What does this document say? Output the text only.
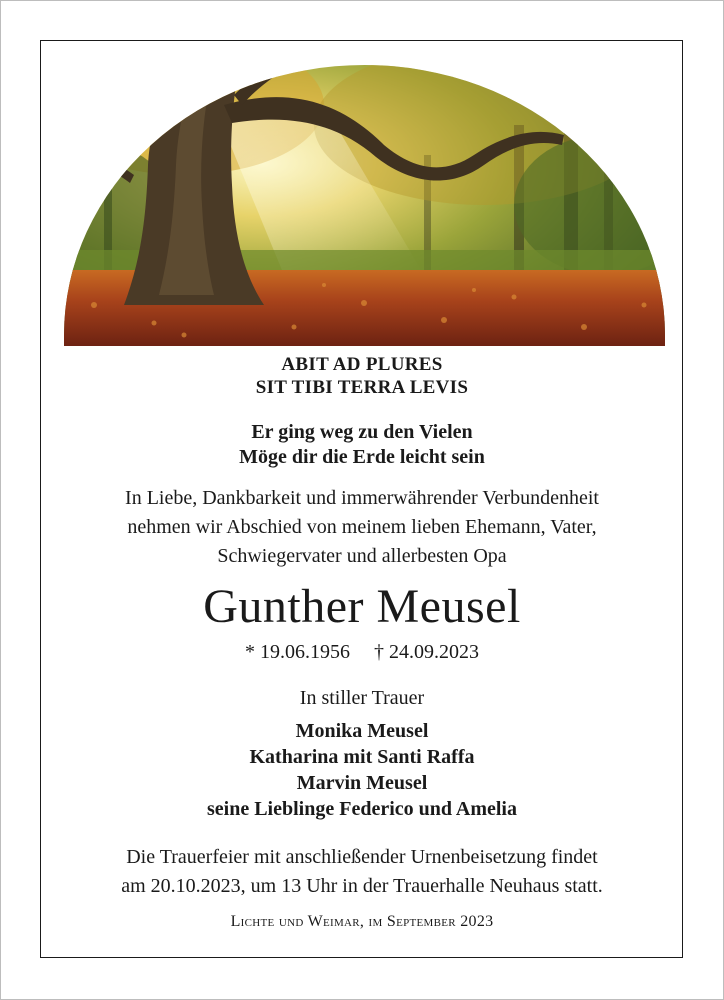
ABIT AD PLURES
SIT TIBI TERRA LEVIS
Er ging weg zu den Vielen
Möge dir die Erde leicht sein
In Liebe, Dankbarkeit und immerwährender Verbundenheit
nehmen wir Abschied von meinem lieben Ehemann, Vater,
Schwiegervater und allerbesten Opa
Gunther Meusel
* 19.06.1956 † 24.09.2023
In stiller Trauer
Monika Meusel
Katharina mit Santi Raffa
Marvin Meusel
seine Lieblinge Federico und Amelia
Die Trauerfeier mit anschließender Urnenbeisetzung findet
am 20.10.2023, um 13 Uhr in der Trauerhalle Neuhaus statt.
Lichte und Weimar, im September 2023
